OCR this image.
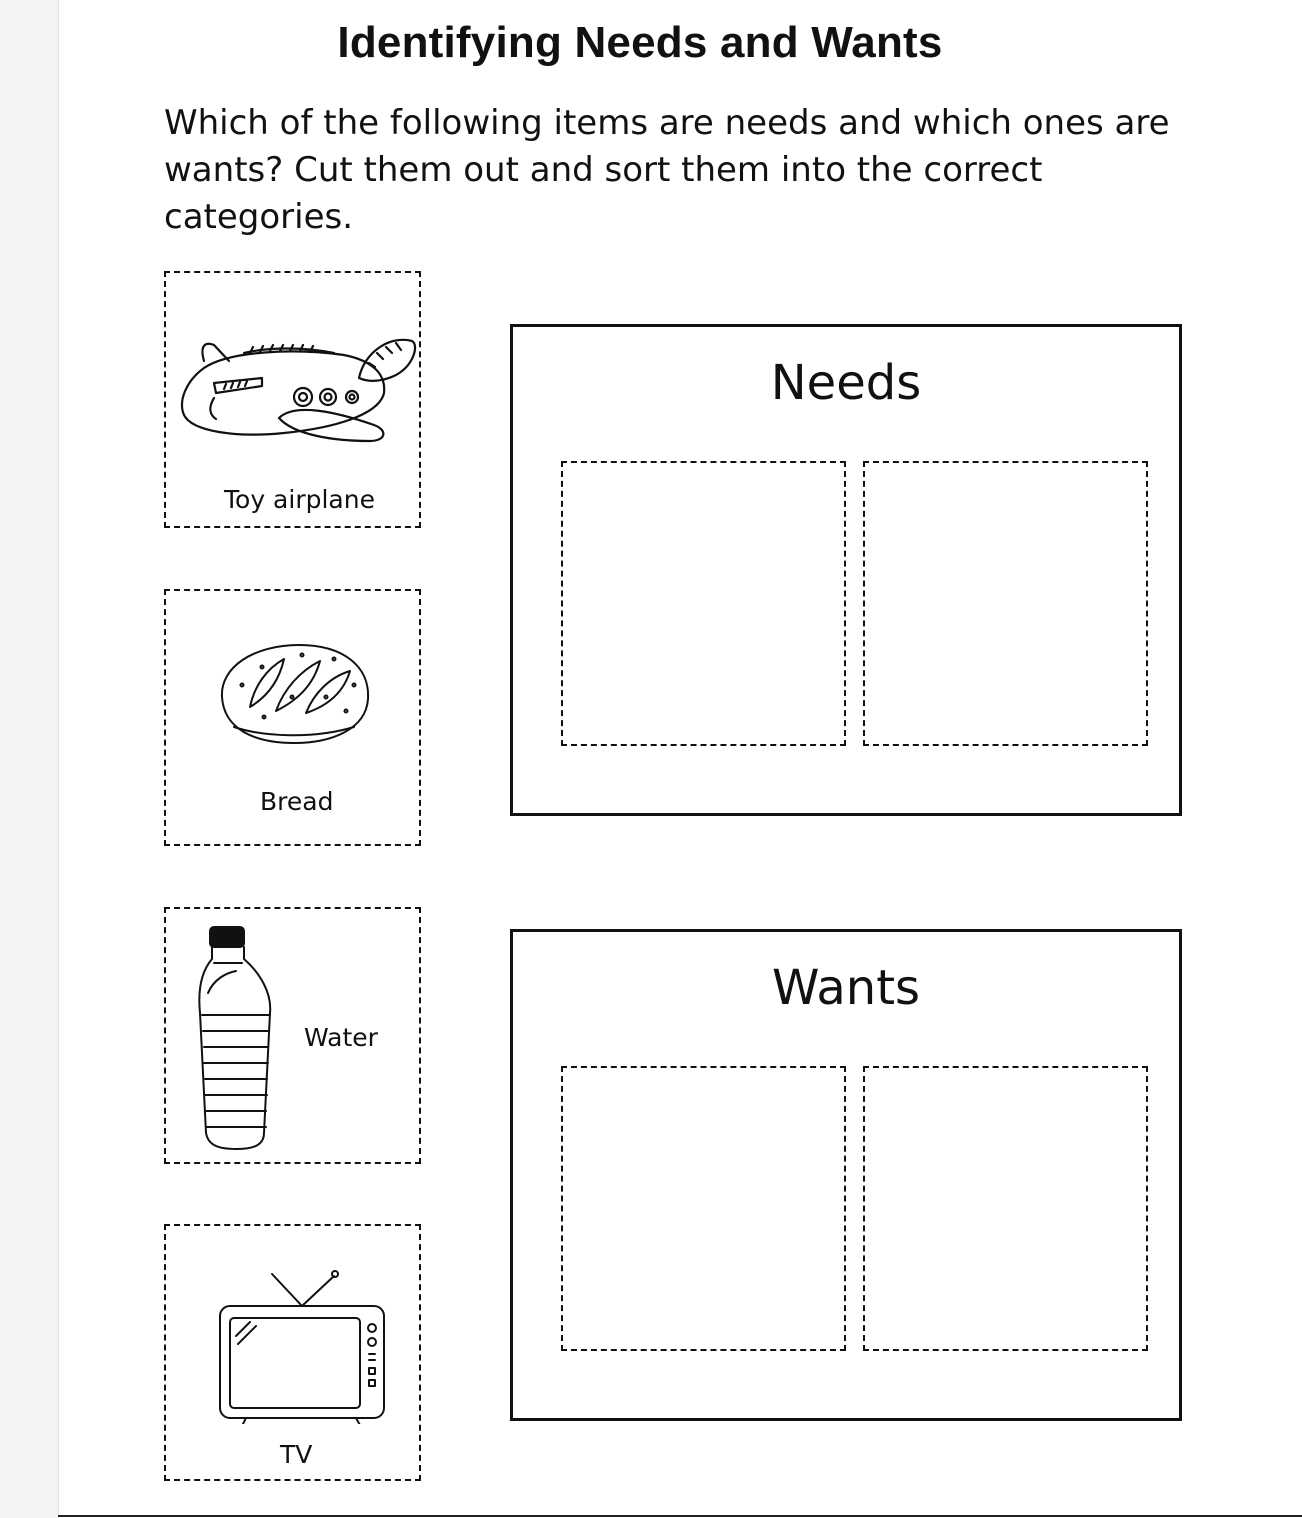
Identifying Needs and Wants
Which of the following items are needs and which ones are wants? Cut them out and sort them into the correct categories.
Toy airplane
Bread
Water
TV
Needs
Wants
